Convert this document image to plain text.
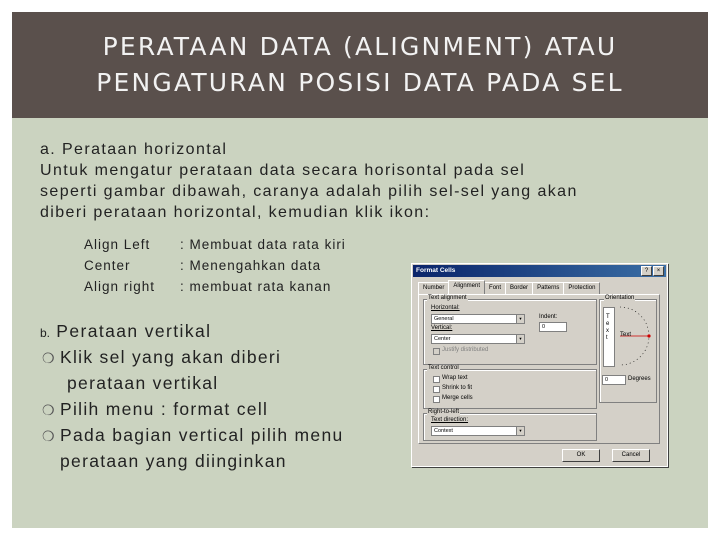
PERATAAN DATA (ALIGNMENT) ATAU
PENGATURAN POSISI DATA PADA SEL
a. Perataan horizontal
Untuk mengatur perataan data secara horisontal pada sel
seperti gambar dibawah, caranya adalah pilih sel-sel yang akan
diberi perataan horizontal, kemudian klik ikon:
Align Left	: Membuat data rata kiri
Center	: Menengahkan data
Align right	: membuat rata kanan
b. Perataan vertikal
❍ Klik sel yang akan diberi
perataan vertikal
❍ Pilih menu : format cell
❍ Pada bagian vertical pilih menu
perataan yang diinginkan
Format Cells	?	×
Number	Alignment	Font	Border	Patterns	Protection
Text alignment
Horizontal:
General	▼	Indent:
0
Vertical:
Center	▼
Justify distributed
Text control
Wrap text
Shrink to fit
Merge cells
Right-to-left
Text direction:
Context	▼
Orientation
T e x t	Text
0	Degrees
OK	Cancel
